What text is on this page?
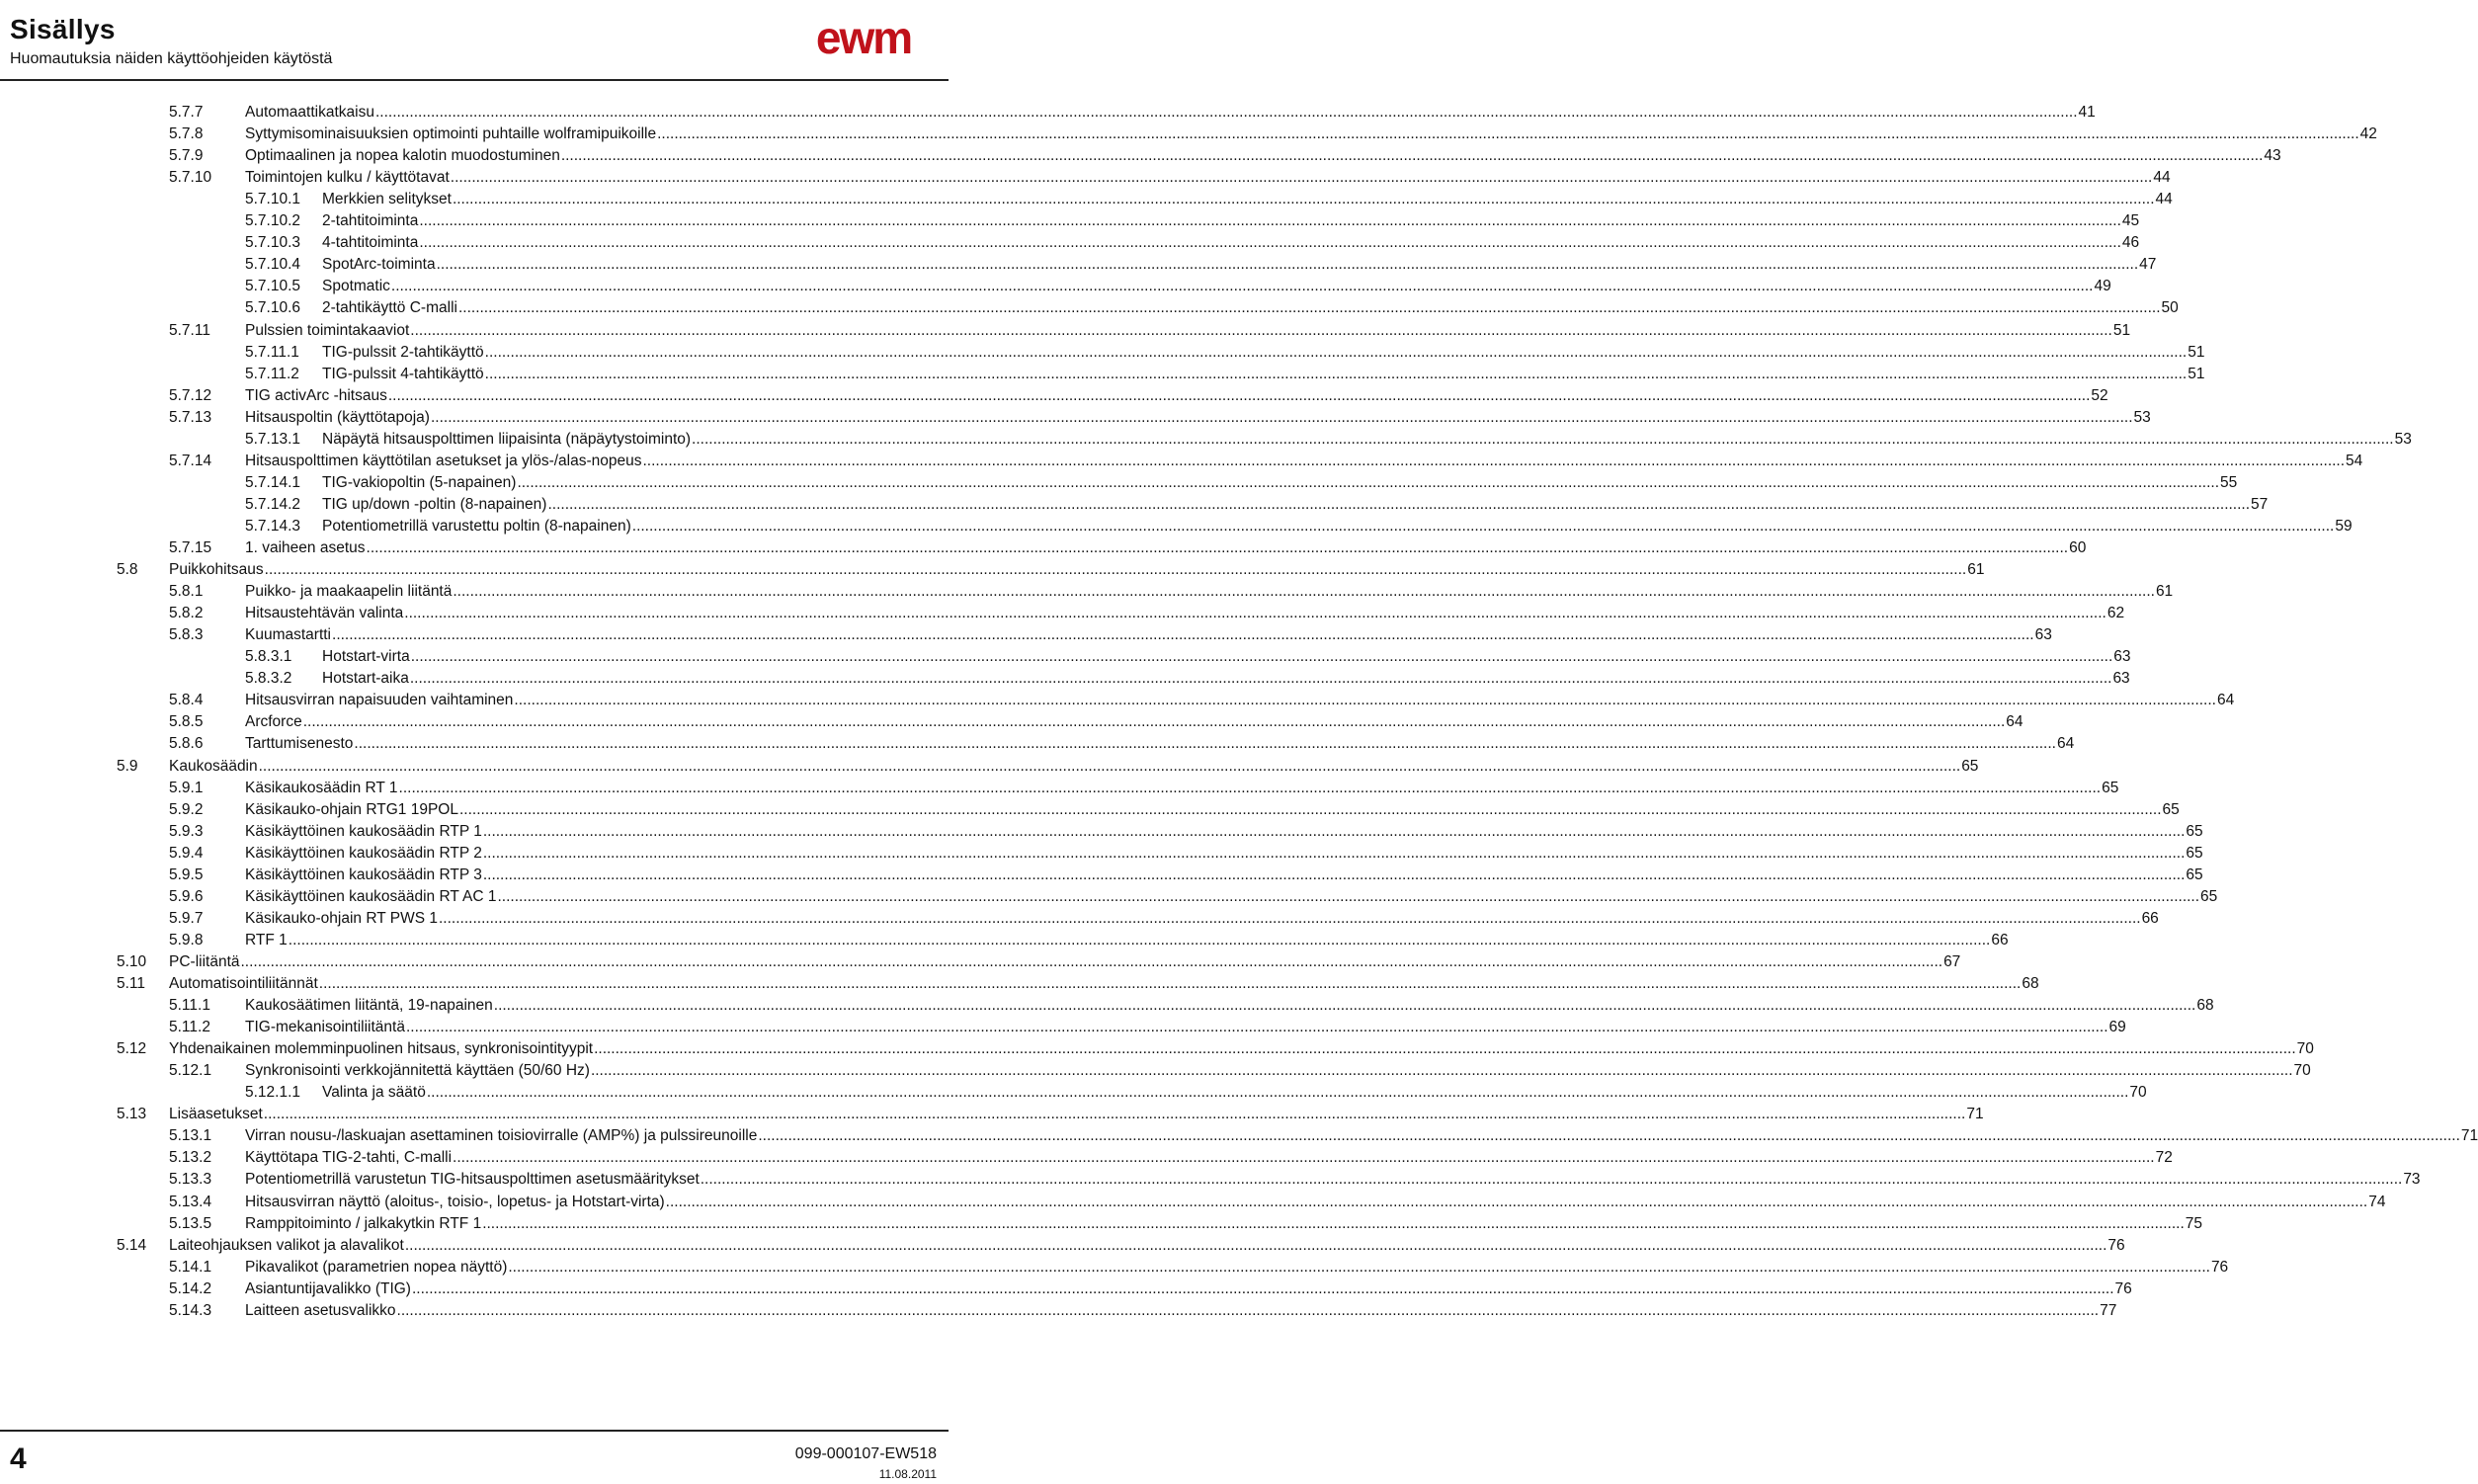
Sisällys
Huomautuksia näiden käyttöohjeiden käytöstä	ewm
5.7.7	Automaattikatkaisu ................................................................................................................................................................................................................................................................................................................................................................................................................ 41
5.7.8	Syttymisominaisuuksien optimointi puhtaille wolframipuikoille ................................................................................................................................................................................................................................................................................................................................................................................................................ 42
5.7.9	Optimaalinen ja nopea kalotin muodostuminen ................................................................................................................................................................................................................................................................................................................................................................................................................ 43
5.7.10 Toimintojen kulku / käyttötavat ................................................................................................................................................................................................................................................................................................................................................................................................................ 44
5.7.10.1 Merkkien selitykset ................................................................................................................................................................................................................................................................................................................................................................................................................ 44
5.7.10.2 2-tahtitoiminta ................................................................................................................................................................................................................................................................................................................................................................................................................ 45
5.7.10.3 4-tahtitoiminta ................................................................................................................................................................................................................................................................................................................................................................................................................ 46
5.7.10.4 SpotArc-toiminta ................................................................................................................................................................................................................................................................................................................................................................................................................ 47
5.7.10.5 Spotmatic ................................................................................................................................................................................................................................................................................................................................................................................................................ 49
5.7.10.6 2-tahtikäyttö C-malli ................................................................................................................................................................................................................................................................................................................................................................................................................ 50
5.7.11 Pulssien toimintakaaviot ................................................................................................................................................................................................................................................................................................................................................................................................................ 51
5.7.11.1 TIG-pulssit 2-tahtikäyttö ................................................................................................................................................................................................................................................................................................................................................................................................................ 51
5.7.11.2 TIG-pulssit 4-tahtikäyttö ................................................................................................................................................................................................................................................................................................................................................................................................................ 51
5.7.12 TIG activArc -hitsaus ................................................................................................................................................................................................................................................................................................................................................................................................................ 52
5.7.13 Hitsauspoltin (käyttötapoja) ................................................................................................................................................................................................................................................................................................................................................................................................................ 53
5.7.13.1 Näpäytä hitsauspolttimen liipaisinta (näpäytystoiminto) ................................................................................................................................................................................................................................................................................................................................................................................................................ 53
5.7.14 Hitsauspolttimen käyttötilan asetukset ja ylös-/alas-nopeus ................................................................................................................................................................................................................................................................................................................................................................................................................ 54
5.7.14.1 TIG-vakiopoltin (5-napainen) ................................................................................................................................................................................................................................................................................................................................................................................................................ 55
5.7.14.2 TIG up/down -poltin (8-napainen) ................................................................................................................................................................................................................................................................................................................................................................................................................ 57
5.7.14.3 Potentiometrillä varustettu poltin (8-napainen) ................................................................................................................................................................................................................................................................................................................................................................................................................ 59
5.7.15 1. vaiheen asetus ................................................................................................................................................................................................................................................................................................................................................................................................................ 60
5.8 Puikkohitsaus ................................................................................................................................................................................................................................................................................................................................................................................................................ 61
5.8.1	Puikko- ja maakaapelin liitäntä ................................................................................................................................................................................................................................................................................................................................................................................................................ 61
5.8.2	Hitsaustehtävän valinta ................................................................................................................................................................................................................................................................................................................................................................................................................ 62
5.8.3	Kuumastartti ................................................................................................................................................................................................................................................................................................................................................................................................................ 63
5.8.3.1 Hotstart-virta ................................................................................................................................................................................................................................................................................................................................................................................................................ 63
5.8.3.2 Hotstart-aika ................................................................................................................................................................................................................................................................................................................................................................................................................ 63
5.8.4	Hitsausvirran napaisuuden vaihtaminen ................................................................................................................................................................................................................................................................................................................................................................................................................ 64
5.8.5	Arcforce ................................................................................................................................................................................................................................................................................................................................................................................................................ 64
5.8.6	Tarttumisenesto ................................................................................................................................................................................................................................................................................................................................................................................................................ 64
5.9 Kaukosäädin ................................................................................................................................................................................................................................................................................................................................................................................................................ 65
5.9.1	Käsikaukosäädin RT 1 ................................................................................................................................................................................................................................................................................................................................................................................................................ 65
5.9.2	Käsikauko-ohjain RTG1 19POL ................................................................................................................................................................................................................................................................................................................................................................................................................ 65
5.9.3	Käsikäyttöinen kaukosäädin RTP 1 ................................................................................................................................................................................................................................................................................................................................................................................................................ 65
5.9.4	Käsikäyttöinen kaukosäädin RTP 2 ................................................................................................................................................................................................................................................................................................................................................................................................................ 65
5.9.5	Käsikäyttöinen kaukosäädin RTP 3 ................................................................................................................................................................................................................................................................................................................................................................................................................ 65
5.9.6	Käsikäyttöinen kaukosäädin RT AC 1 ................................................................................................................................................................................................................................................................................................................................................................................................................ 65
5.9.7	Käsikauko-ohjain RT PWS 1 ................................................................................................................................................................................................................................................................................................................................................................................................................ 66
5.9.8	RTF 1 ................................................................................................................................................................................................................................................................................................................................................................................................................ 66
5.10 PC-liitäntä ................................................................................................................................................................................................................................................................................................................................................................................................................ 67
5.11 Automatisointiliitännät ................................................................................................................................................................................................................................................................................................................................................................................................................ 68
5.11.1 Kaukosäätimen liitäntä, 19-napainen ................................................................................................................................................................................................................................................................................................................................................................................................................ 68
5.11.2 TIG-mekanisointiliitäntä ................................................................................................................................................................................................................................................................................................................................................................................................................ 69
5.12 Yhdenaikainen molemminpuolinen hitsaus, synkronisointityypit ................................................................................................................................................................................................................................................................................................................................................................................................................ 70
5.12.1 Synkronisointi verkkojännitettä käyttäen (50/60 Hz) ................................................................................................................................................................................................................................................................................................................................................................................................................ 70
5.12.1.1 Valinta ja säätö ................................................................................................................................................................................................................................................................................................................................................................................................................ 70
5.13 Lisäasetukset ................................................................................................................................................................................................................................................................................................................................................................................................................ 71
5.13.1 Virran nousu-/laskuajan asettaminen toisiovirralle (AMP%) ja pulssireunoille ................................................................................................................................................................................................................................................................................................................................................................................................................ 71
5.13.2 Käyttötapa TIG-2-tahti, C-malli ................................................................................................................................................................................................................................................................................................................................................................................................................ 72
5.13.3 Potentiometrillä varustetun TIG-hitsauspolttimen asetusmääritykset ................................................................................................................................................................................................................................................................................................................................................................................................................ 73
5.13.4 Hitsausvirran näyttö (aloitus-, toisio-, lopetus- ja Hotstart-virta) ................................................................................................................................................................................................................................................................................................................................................................................................................ 74
5.13.5 Ramppitoiminto / jalkakytkin RTF 1 ................................................................................................................................................................................................................................................................................................................................................................................................................ 75
5.14 Laiteohjauksen valikot ja alavalikot ................................................................................................................................................................................................................................................................................................................................................................................................................ 76
5.14.1 Pikavalikot (parametrien nopea näyttö) ................................................................................................................................................................................................................................................................................................................................................................................................................ 76
5.14.2 Asiantuntijavalikko (TIG) ................................................................................................................................................................................................................................................................................................................................................................................................................ 76
5.14.3 Laitteen asetusvalikko ................................................................................................................................................................................................................................................................................................................................................................................................................ 77
4	099-000107-EW518
11.08.2011
